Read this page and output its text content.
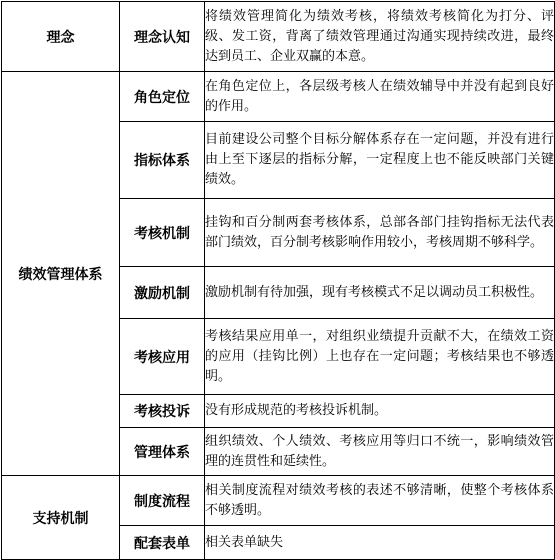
理念	理念认知	将绩效管理简化为绩效考核，将绩效考核简化为打分、评级、发工资，背离了绩效管理通过沟通实现持续改进，最终达到员工、企业双赢的本意。
绩效管理体系	角色定位	在角色定位上，各层级考核人在绩效辅导中并没有起到良好的作用。
	指标体系	目前建设公司整个目标分解体系存在一定问题，并没有进行由上至下逐层的指标分解，一定程度上也不能反映部门关键绩效。
	考核机制	挂钩和百分制两套考核体系，总部各部门挂钩指标无法代表部门绩效，百分制考核影响作用较小，考核周期不够科学。
	激励机制	激励机制有待加强，现有考核模式不足以调动员工积极性。
	考核应用	考核结果应用单一，对组织业绩提升贡献不大，在绩效工资的应用（挂钩比例）上也存在一定问题；考核结果也不够透明。
	考核投诉	没有形成规范的考核投诉机制。
	管理体系	组织绩效、个人绩效、考核应用等归口不统一，影响绩效管理的连贯性和延续性。
支持机制	制度流程	相关制度流程对绩效考核的表述不够清晰，使整个考核体系不够透明。
	配套表单	相关表单缺失
